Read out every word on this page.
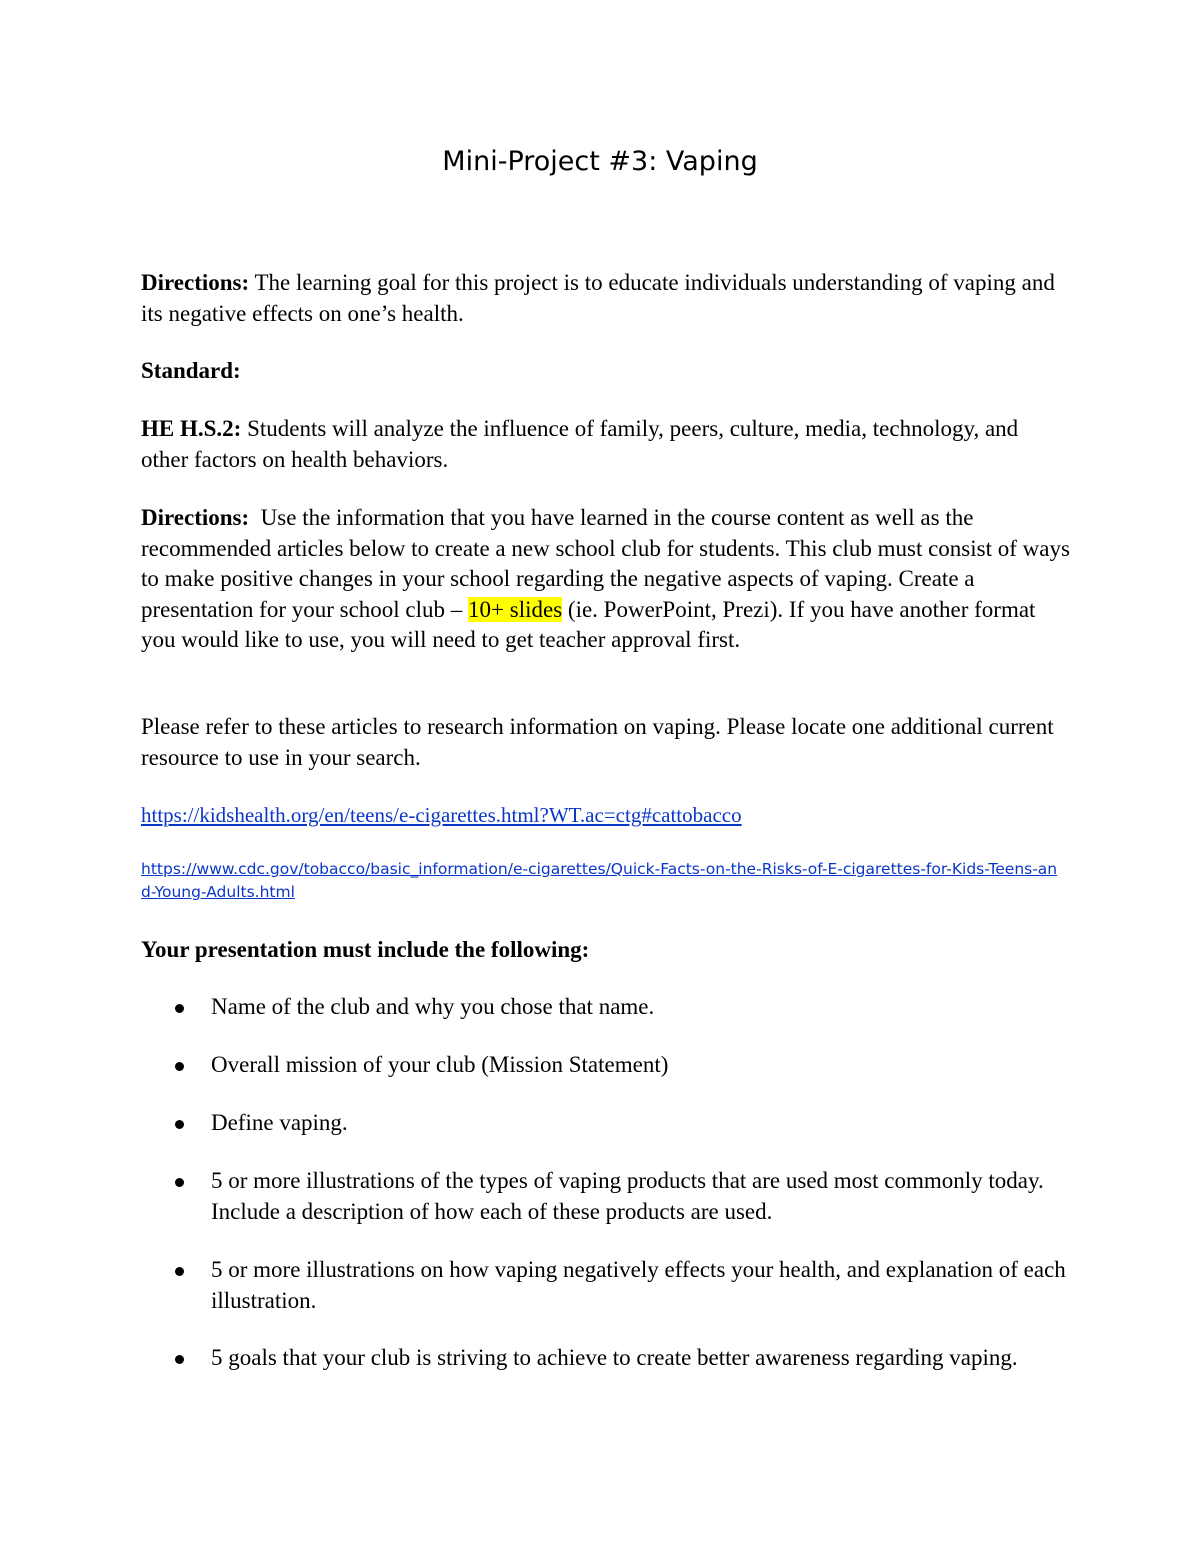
Mini-Project #3: Vaping

Directions: The learning goal for this project is to educate individuals understanding of vaping and its negative effects on one’s health.

Standard:

HE H.S.2: Students will analyze the influence of family, peers, culture, media, technology, and other factors on health behaviors.

Directions:  Use the information that you have learned in the course content as well as the recommended articles below to create a new school club for students. This club must consist of ways to make positive changes in your school regarding the negative aspects of vaping. Create a presentation for your school club – 10+ slides (ie. PowerPoint, Prezi). If you have another format you would like to use, you will need to get teacher approval first.

Please refer to these articles to research information on vaping. Please locate one additional current resource to use in your search.

https://kidshealth.org/en/teens/e-cigarettes.html?WT.ac=ctg#cattobacco

https://www.cdc.gov/tobacco/basic_information/e-cigarettes/Quick-Facts-on-the-Risks-of-E-cigarettes-for-Kids-Teens-and-Young-Adults.html

Your presentation must include the following:

Name of the club and why you chose that name.
Overall mission of your club (Mission Statement)
Define vaping.
5 or more illustrations of the types of vaping products that are used most commonly today. Include a description of how each of these products are used.
5 or more illustrations on how vaping negatively effects your health, and explanation of each illustration.
5 goals that your club is striving to achieve to create better awareness regarding vaping.
